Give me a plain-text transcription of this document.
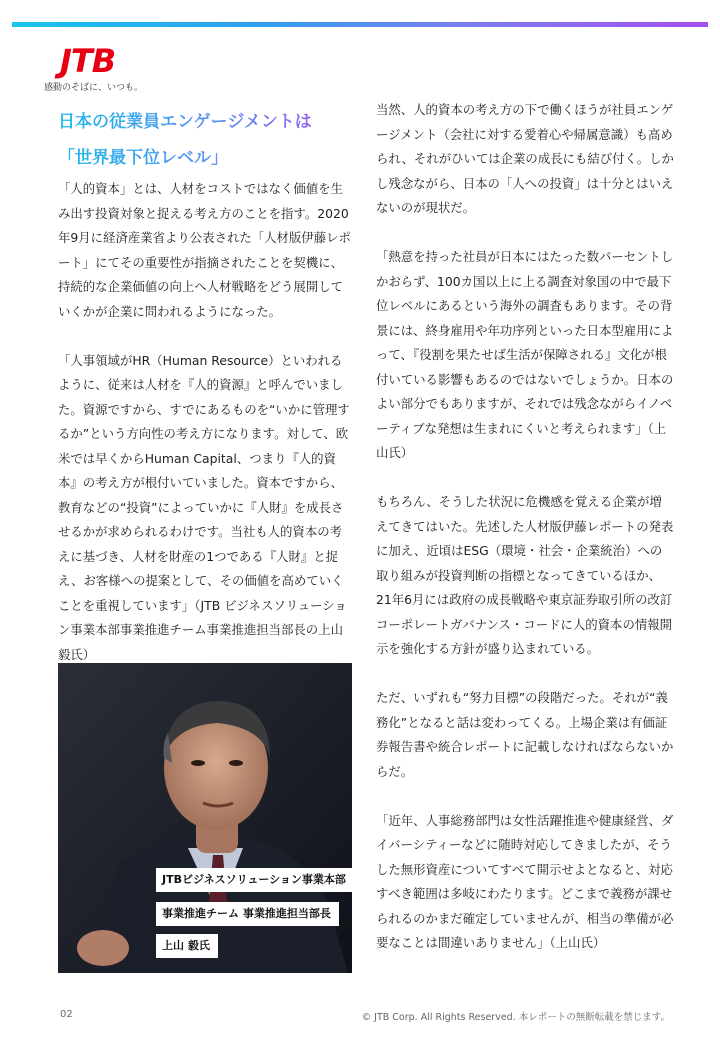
JTB
感動のそばに、いつも。
日本の従業員エンゲージメントは
「世界最下位レベル」

「人的資本」とは、人材をコストではなく価値を生み出す投資対象と捉える考え方のことを指す。2020年9月に経済産業省より公表された「人材版伊藤レポート」にてその重要性が指摘されたことを契機に、持続的な企業価値の向上へ人材戦略をどう展開していくかが企業に問われるようになった。

「人事領域がHR（Human Resource）といわれるように、従来は人材を『人的資源』と呼んでいました。資源ですから、すでにあるものを“いかに管理するか”という方向性の考え方になります。対して、欧米では早くからHuman Capital、つまり『人的資本』の考え方が根付いていました。資本ですから、教育などの“投資”によっていかに『人財』を成長させるかが求められるわけです。当社も人的資本の考えに基づき、人材を財産の1つである『人財』と捉え、お客様への提案として、その価値を高めていくことを重視しています」（JTB ビジネスソリューション事業本部事業推進チーム事業推進担当部長の上山毅氏）

JTBビジネスソリューション事業本部
事業推進チーム 事業推進担当部長
上山 毅氏

当然、人的資本の考え方の下で働くほうが社員エンゲージメント（会社に対する愛着心や帰属意識）も高められ、それがひいては企業の成長にも結び付く。しかし残念ながら、日本の「人への投資」は十分とはいえないのが現状だ。

「熱意を持った社員が日本にはたった数パーセントしかおらず、100カ国以上に上る調査対象国の中で最下位レベルにあるという海外の調査もあります。その背景には、終身雇用や年功序列といった日本型雇用によって、『役割を果たせば生活が保障される』文化が根付いている影響もあるのではないでしょうか。日本のよい部分でもありますが、それでは残念ながらイノベーティブな発想は生まれにくいと考えられます」（上山氏）

もちろん、そうした状況に危機感を覚える企業が増えてきてはいた。先述した人材版伊藤レポートの発表に加え、近頃はESG（環境・社会・企業統治）への取り組みが投資判断の指標となってきているほか、21年6月には政府の成長戦略や東京証券取引所の改訂コーポレートガバナンス・コードに人的資本の情報開示を強化する方針が盛り込まれている。

ただ、いずれも“努力目標”の段階だった。それが“義務化”となると話は変わってくる。上場企業は有価証券報告書や統合レポートに記載しなければならないからだ。

「近年、人事総務部門は女性活躍推進や健康経営、ダイバーシティーなどに随時対応してきましたが、そうした無形資産についてすべて開示せよとなると、対応すべき範囲は多岐にわたります。どこまで義務が課せられるのかまだ確定していませんが、相当の準備が必要なことは間違いありません」（上山氏）

02	© JTB Corp. All Rights Reserved. 本レポートの無断転載を禁じます。
